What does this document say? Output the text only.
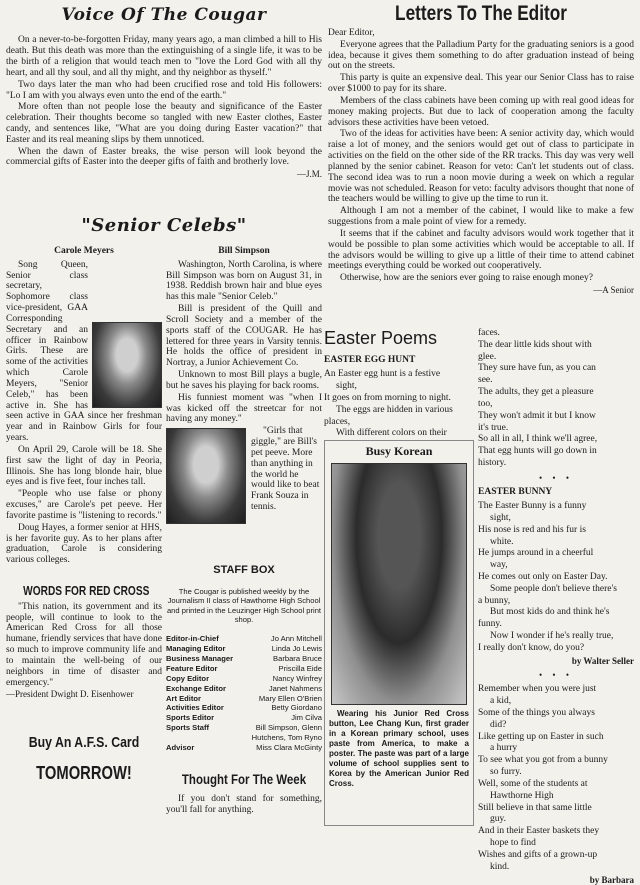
Voice Of The Cougar

On a never-to-be-forgotten Friday, many years ago, a man climbed a hill to His death. But this death was more than the extinguishing of a single life, it was to be the birth of a religion that would teach men to "love the Lord God with all thy heart, and all thy soul, and all thy might, and thy neighbor as thyself."

Two days later the man who had been crucified rose and told His followers: "Lo I am with you always even unto the end of the earth."

More often than not people lose the beauty and significance of the Easter celebration. Their thoughts become so tangled with new Easter clothes, Easter candy, and sentences like, "What are you doing during Easter vacation?" that Easter and its real meaning slips by them unnoticed.

When the dawn of Easter breaks, the wise person will look beyond the commercial gifts of Easter into the deeper gifts of faith and brotherly love.

—J.M.
Letters To The Editor

Dear Editor,

Everyone agrees that the Palladium Party for the graduating seniors is a good idea, because it gives them something to do after graduation instead of being out on the streets.

This party is quite an expensive deal. This year our Senior Class has to raise over $1000 to pay for its share.

Members of the class cabinets have been coming up with real good ideas for money making projects. But due to lack of cooperation among the faculty advisors these activities have been vetoed.

Two of the ideas for activities have been: A senior activity day, which would raise a lot of money, and the seniors would get out of class to participate in activities on the field on the other side of the RR tracks. This day was very well planned by the senior cabinet. Reason for veto: Can't let students out of class. The second idea was to run a noon movie during a week on which a regular movie was not scheduled. Reason for veto: faculty advisors thought that none of the teachers would be willing to give up the time to run it.

Although I am not a member of the cabinet, I would like to make a few suggestions from a male point of view for a remedy.

It seems that if the cabinet and faculty advisors would work together that it would be possible to plan some activities which would be acceptable to all. If the advisors would be willing to give up a little of their time to attend cabinet meetings everything could be worked out cooperatively.

Otherwise, how are the seniors ever going to raise enough money?

—A Senior
"Senior Celebs"
Carole Meyers

Song Queen, Senior class secretary, Sophomore class vice-president, GAA Corresponding Secretary and an officer in Rainbow Girls. These are some of the activities which Carole Meyers, "Senior Celeb," has been active in. She has seen active in GAA since her freshman year and in Rainbow Girls for four years.

On April 29, Carole will be 18. She first saw the light of day in Peoria, Illinois. She has long blonde hair, blue eyes and is five feet, four inches tall.

"People who use false or phony excuses," are Carole's pet peeve. Her favorite pastime is "listening to records."

Doug Hayes, a former senior at HHS, is her favorite guy. As to her plans after graduation, Carole is considering various colleges.

Bill Simpson

Washington, North Carolina, is where Bill Simpson was born on August 31, in 1938. Reddish brown hair and blue eyes has this male "Senior Celeb."

Bill is president of the Quill and Scroll Society and a member of the sports staff of the COUGAR. He has lettered for three years in Varsity tennis. He holds the office of president in Nortray, a Junior Achievement Co.

Unknown to most Bill plays a bugle, but he saves his playing for back rooms.

His funniest moment was "when I was kicked off the streetcar for not having any money."

"Girls that giggle," are Bill's pet peeve. More than anything in the world he would like to beat Frank Souza in tennis.

WORDS FOR RED CROSS

"This nation, its government and its people, will continue to look to the American Red Cross for all those humane, friendly services that have done so much to improve community life and to maintain the well-being of our neighbors in time of disaster and emergency."

—President Dwight D. Eisenhower
Buy An A.F.S. Card
TOMORROW!
STAFF BOX

The Cougar is published weekly by the Journalism II class of Hawthorne High School and printed in the Leuzinger High School print shop.

Editor-in-Chief	Jo Ann Mitchell
Managing Editor	Linda Jo Lewis
Business Manager	Barbara Bruce
Feature Editor	Priscilla Eide
Copy Editor	Nancy Winfrey
Exchange Editor	Janet Nahmens
Art Editor	Mary Ellen O'Brien
Activities Editor	Betty Giordano
Sports Editor	Jim Cilva
Sports Staff	Bill Simpson, Glenn
Hutchens, Tom Ryno
Advisor	Miss Clara McGinty
Thought For The Week

If you don't stand for something, you'll fall for anything.

Easter Poems
EASTER EGG HUNT

An Easter egg hunt is a festive

sight,

It goes on from morning to night.

The eggs are hidden in various

places,

With different colors on their

faces.

The dear little kids shout with

glee.

They sure have fun, as you can

see.

The adults, they get a pleasure

too,

They won't admit it but I know

it's true.

So all in all, I think we'll agree,

That egg hunts will go down in

history.

• • •
EASTER BUNNY

The Easter Bunny is a funny

sight,

His nose is red and his fur is

white.

He jumps around in a cheerful

way,

He comes out only on Easter Day.

Some people don't believe there's

a bunny,

But most kids do and think he's

funny.

Now I wonder if he's really true,

I really don't know, do you?

by Walter Seller
• • •

Remember when you were just

a kid,

Some of the things you always

did?

Like getting up on Easter in such

a hurry

To see what you got from a bunny

so furry.

Well, some of the students at

Hawthorne High

Still believe in that same little

guy.

And in their Easter baskets they

hope to find

Wishes and gifts of a grown-up

kind.

by Barbara
Busy Korean

Wearing his Junior Red Cross button, Lee Chang Kun, first grader in a Korean primary school, uses paste from America, to make a poster. The paste was part of a large volume of school supplies sent to Korea by the American Junior Red Cross.
